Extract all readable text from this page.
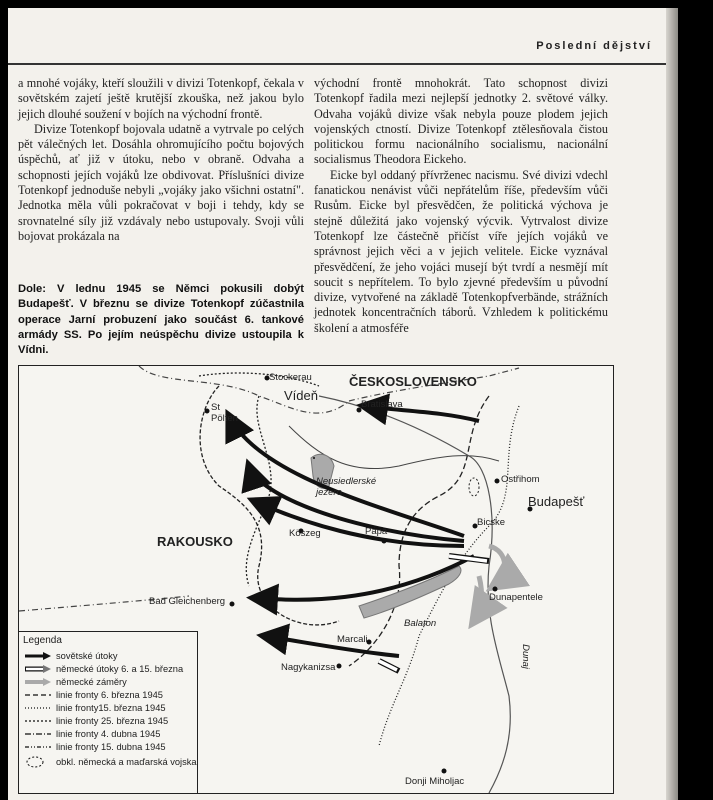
Poslední dějství

a mnohé vojáky, kteří sloužili v divizi Totenkopf, čekala v sovětském zajetí ještě krutější zkouška, než jakou bylo jejich dlouhé soužení v bojích na východní frontě.

Divize Totenkopf bojovala udatně a vytrvale po celých pět válečných let. Dosáhla ohromujícího počtu bojových úspěchů, ať již v útoku, nebo v obraně. Odvaha a schopnosti jejích vojáků lze obdivovat. Příslušníci divize Totenkopf jednoduše nebyli „vojáky jako všichni ostatní". Jednotka měla vůli pokračovat v boji i tehdy, kdy se srovnatelné síly již vzdávaly nebo ustupovaly. Svoji vůli bojovat prokázala na

východní frontě mnohokrát. Tato schopnost divizi Totenkopf řadila mezi nejlepší jednotky 2. světové války. Odvaha vojáků divize však nebyla pouze plodem jejich vojenských ctností. Divize Totenkopf ztělesňovala čistou politickou formu nacionálního socialismu, nacionální socialismus Theodora Eickeho.

Eicke byl oddaný přívrženec nacismu. Své divizi vdechl fanatickou nenávist vůči nepřátelům říše, především vůči Rusům. Eicke byl přesvědčen, že politická výchova je stejně důležitá jako vojenský výcvik. Vytrvalost divize Totenkopf lze částečně přičíst víře jejích vojáků ve správnost jejich věci a v jejich velitele. Eicke vyznával přesvědčení, že jeho vojáci musejí být tvrdí a nesmějí mít soucit s nepřítelem. To bylo zjevné především u původní divize, vytvořené na základě Totenkopfverbände, strážních jednotek koncentračních táborů. Vzhledem k politickému školení a atmosféře

Dole: V lednu 1945 se Němci pokusili dobýt Budapešť. V březnu se divize Totenkopf zúčastnila operace Jarní probuzení jako součást 6. tankové armády SS. Po jejím neúspěchu divize ustoupila k Vídni.
Stockerau
Vídeň
ČESKOSLOVENSKO
St
Pölten
Bratislava
Neusiedlerské
jezero
Ostřihom
Budapešť
RAKOUSKO
Köszeg	Pápa
Bicske
Dunapentele
Bad Gleichenberg
Balaton
Marcali
Dunaj
Nagykanizsa
Donji Miholjac
Legenda
sovětské útoky
německé útoky 6. a 15. března
německé záměry
linie fronty 6. března 1945
linie fronty15. března 1945
linie fronty 25. března 1945
linie fronty 4. dubna 1945
linie fronty 15. dubna 1945
obkl. německá a maďarská vojska
